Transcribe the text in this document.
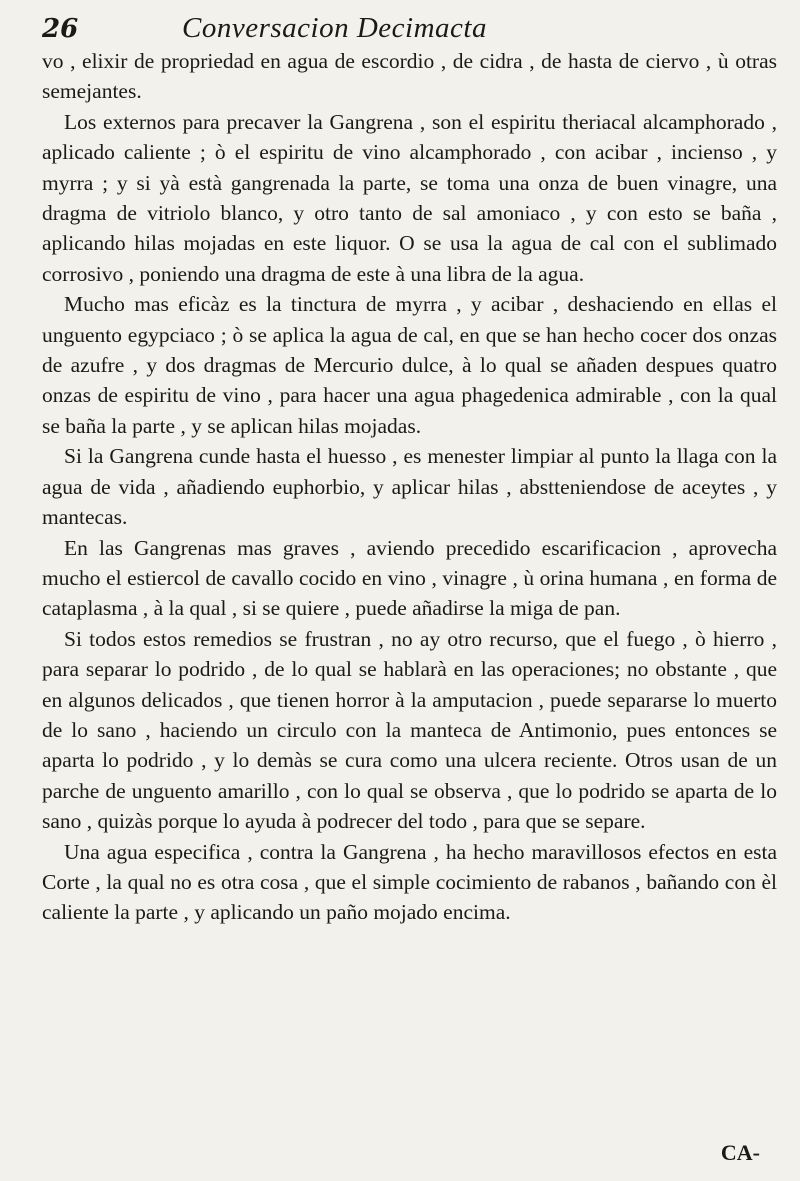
26	Conversacion Decimacta

vo , elixir de propriedad en agua de escordio , de cidra , de hasta de ciervo , ù otras semejantes.

Los externos para precaver la Gangrena , son el espiritu theriacal alcamphorado , aplicado caliente ; ò el espiritu de vino alcamphorado , con acibar , incienso , y myrra ; y si yà està gangrenada la parte, se toma una onza de buen vinagre, una dragma de vitriolo blanco, y otro tanto de sal amoniaco , y con esto se baña , aplicando hilas mojadas en este liquor. O se usa la agua de cal con el sublimado corrosivo , poniendo una dragma de este à una libra de la agua.

Mucho mas eficàz es la tinctura de myrra , y acibar , deshaciendo en ellas el unguento egypciaco ; ò se aplica la agua de cal, en que se han hecho cocer dos onzas de azufre , y dos dragmas de Mercurio dulce, à lo qual se añaden despues quatro onzas de espiritu de vino , para hacer una agua phagedenica admirable , con la qual se baña la parte , y se aplican hilas mojadas.

Si la Gangrena cunde hasta el huesso , es menester limpiar al punto la llaga con la agua de vida , añadiendo euphorbio, y aplicar hilas , abstteniendose de aceytes , y mantecas.

En las Gangrenas mas graves , aviendo precedido escarificacion , aprovecha mucho el estiercol de cavallo cocido en vino , vinagre , ù orina humana , en forma de cataplasma , à la qual , si se quiere , puede añadirse la miga de pan.

Si todos estos remedios se frustran , no ay otro recurso, que el fuego , ò hierro , para separar lo podrido , de lo qual se hablarà en las operaciones; no obstante , que en algunos delicados , que tienen horror à la amputacion , puede separarse lo muerto de lo sano , haciendo un circulo con la manteca de Antimonio, pues entonces se aparta lo podrido , y lo demàs se cura como una ulcera reciente. Otros usan de un parche de unguento amarillo , con lo qual se observa , que lo podrido se aparta de lo sano , quizàs porque lo ayuda à podrecer del todo , para que se separe.

Una agua especifica , contra la Gangrena , ha hecho maravillosos efectos en esta Corte , la qual no es otra cosa , que el simple cocimiento de rabanos , bañando con èl caliente la parte , y aplicando un paño mojado encima.

CA-
